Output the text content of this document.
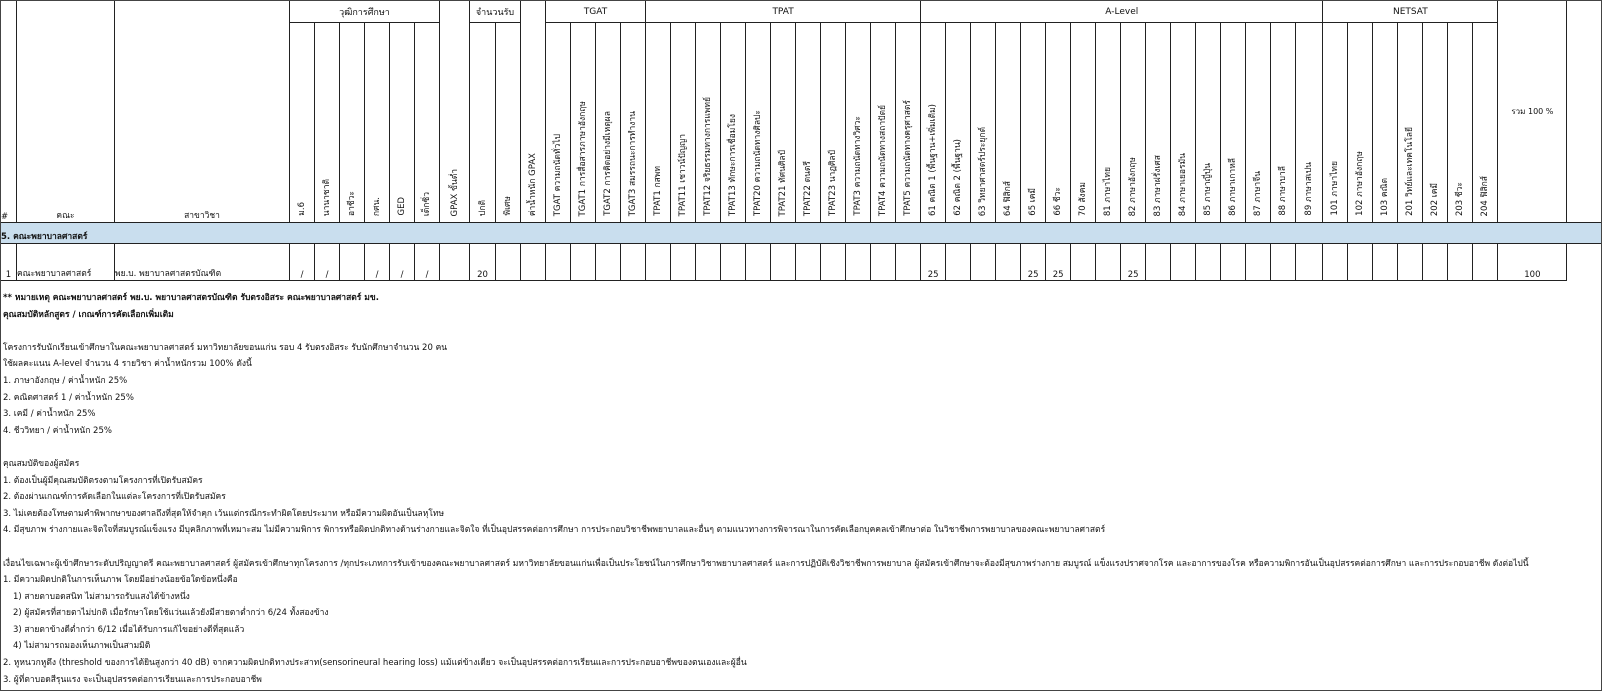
#	คณะ	สาขาวิชา	วุฒิการศึกษา						GPAX ขั้นต่ำ	จำนวนรับ		ค่าน้ำหนัก GPAX	TGAT				TPAT											A-Level																NETSAT							รวม 100 %

			ม.6	นานาชาติ	อาชีวะ	กศน.	GED	เด็กซิ่ว		ปกติ	พิเศษ		TGAT ความถนัดทั่วไป	TGAT1 การสื่อสารภาษาอังกฤษ	TGAT2 การคิดอย่างมีเหตุผล	TGAT3 สมรรถนะการทำงาน	TPAT1 กสพท	TPAT11 เชาวน์ปัญญา	TPAT12 จริยธรรมทางการแพทย์	TPAT13 ทักษะการเชื่อมโยง	TPAT20 ความถนัดทางศิลปะ	TPAT21 ทัศนศิลป์	TPAT22 ดนตรี	TPAT23 นาฏศิลป์	TPAT3 ความถนัดทางวิศวะ	TPAT4 ความถนัดทางสถาปัตย์	TPAT5 ความถนัดทางครุศาสตร์	61 คณิต 1 (พื้นฐาน+เพิ่มเติม)	62 คณิต 2 (พื้นฐาน)	63 วิทยาศาสตร์ประยุกต์	64 ฟิสิกส์	65 เคมี	66 ชีวะ	70 สังคม	81 ภาษาไทย	82 ภาษาอังกฤษ	83 ภาษาฝรั่งเศส	84 ภาษาเยอรมัน	85 ภาษาญี่ปุ่น	86 ภาษาเกาหลี	87 ภาษาจีน	88 ภาษาบาลี	89 ภาษาสเปน	101 ภาษาไทย	102 ภาษาอังกฤษ	103 คณิต	201 วิทย์และเทคโนโลยี	202 เคมี	203 ชีวะ	204 ฟิสิกส์	

5. คณะพยาบาลศาสตร์																																																			
1	คณะพยาบาลศาสตร์	พย.บ. พยาบาลศาสตรบัณฑิต	/	/		/	/	/		20																		25				25	25			25															100
** หมายเหตุ คณะพยาบาลศาสตร์ พย.บ. พยาบาลศาสตรบัณฑิต รับตรงอิสระ คณะพยาบาลศาสตร์ มข.
คุณสมบัติหลักสูตร / เกณฑ์การคัดเลือกเพิ่มเติม
โครงการรับนักเรียนเข้าศึกษาในคณะพยาบาลศาสตร์ มหาวิทยาลัยขอนแก่น รอบ 4 รับตรงอิสระ รับนักศึกษาจำนวน 20 คน
ใช้ผลคะแนน A-level จำนวน 4 รายวิชา ค่าน้ำหนักรวม 100% ดังนี้
1. ภาษาอังกฤษ / ค่าน้ำหนัก 25%
2. คณิตศาสตร์ 1 / ค่าน้ำหนัก 25%
3. เคมี / ค่าน้ำหนัก 25%
4. ชีววิทยา / ค่าน้ำหนัก 25%
คุณสมบัติของผู้สมัคร
1. ต้องเป็นผู้มีคุณสมบัติตรงตามโครงการที่เปิดรับสมัคร
2. ต้องผ่านเกณฑ์การคัดเลือกในแต่ละโครงการที่เปิดรับสมัคร
3. ไม่เคยต้องโทษตามคำพิพากษาของศาลถึงที่สุดให้จำคุก เว้นแต่กรณีกระทำผิดโดยประมาท หรือมีความผิดอันเป็นลหุโทษ
4. มีสุขภาพ ร่างกายและจิตใจที่สมบูรณ์แข็งแรง มีบุคลิกภาพที่เหมาะสม ไม่มีความพิการ พิการหรือผิดปกติทางด้านร่างกายและจิตใจ ที่เป็นอุปสรรคต่อการศึกษา การประกอบวิชาชีพพยาบาลและอื่นๆ ตามแนวทางการพิจารณาในการคัดเลือกบุคคลเข้าศึกษาต่อ ในวิชาชีพการพยาบาลของคณะพยาบาลศาสตร์
เงื่อนไขเฉพาะผู้เข้าศึกษาระดับปริญญาตรี คณะพยาบาลศาสตร์ ผู้สมัครเข้าศึกษาทุกโครงการ /ทุกประเภทการรับเข้าของคณะพยาบาลศาสตร์ มหาวิทยาลัยขอนแก่นเพื่อเป็นประโยชน์ในการศึกษาวิชาพยาบาลศาสตร์ และการปฏิบัติเชิงวิชาชีพการพยาบาล ผู้สมัครเข้าศึกษาจะต้องมีสุขภาพร่างกาย สมบูรณ์ แข็งแรงปราศจากโรค และอาการของโรค หรือความพิการอันเป็นอุปสรรคต่อการศึกษา และการประกอบอาชีพ ดังต่อไปนี้
1. มีความผิดปกติในการเห็นภาพ โดยมีอย่างน้อยข้อใดข้อหนึ่งคือ
1) สายตาบอดสนิท ไม่สามารถรับแสงได้ข้างหนึ่ง
2) ผู้สมัครที่สายตาไม่ปกติ เมื่อรักษาโดยใช้แว่นแล้วยังมีสายตาต่ำกว่า 6/24 ทั้งสองข้าง
3) สายตาข้างดีต่ำกว่า 6/12 เมื่อได้รับการแก้ไขอย่างดีที่สุดแล้ว
4) ไม่สามารถมองเห็นภาพเป็นสามมิติ
2. หูหนวกหูตึง (threshold ของการได้ยินสูงกว่า 40 dB) จากความผิดปกติทางประสาท(sensorineural hearing loss) แม้แต่ข้างเดียว จะเป็นอุปสรรคต่อการเรียนและการประกอบอาชีพของตนเองและผู้อื่น
3. ผู้ที่ตาบอดสีรุนแรง จะเป็นอุปสรรคต่อการเรียนและการประกอบอาชีพ
